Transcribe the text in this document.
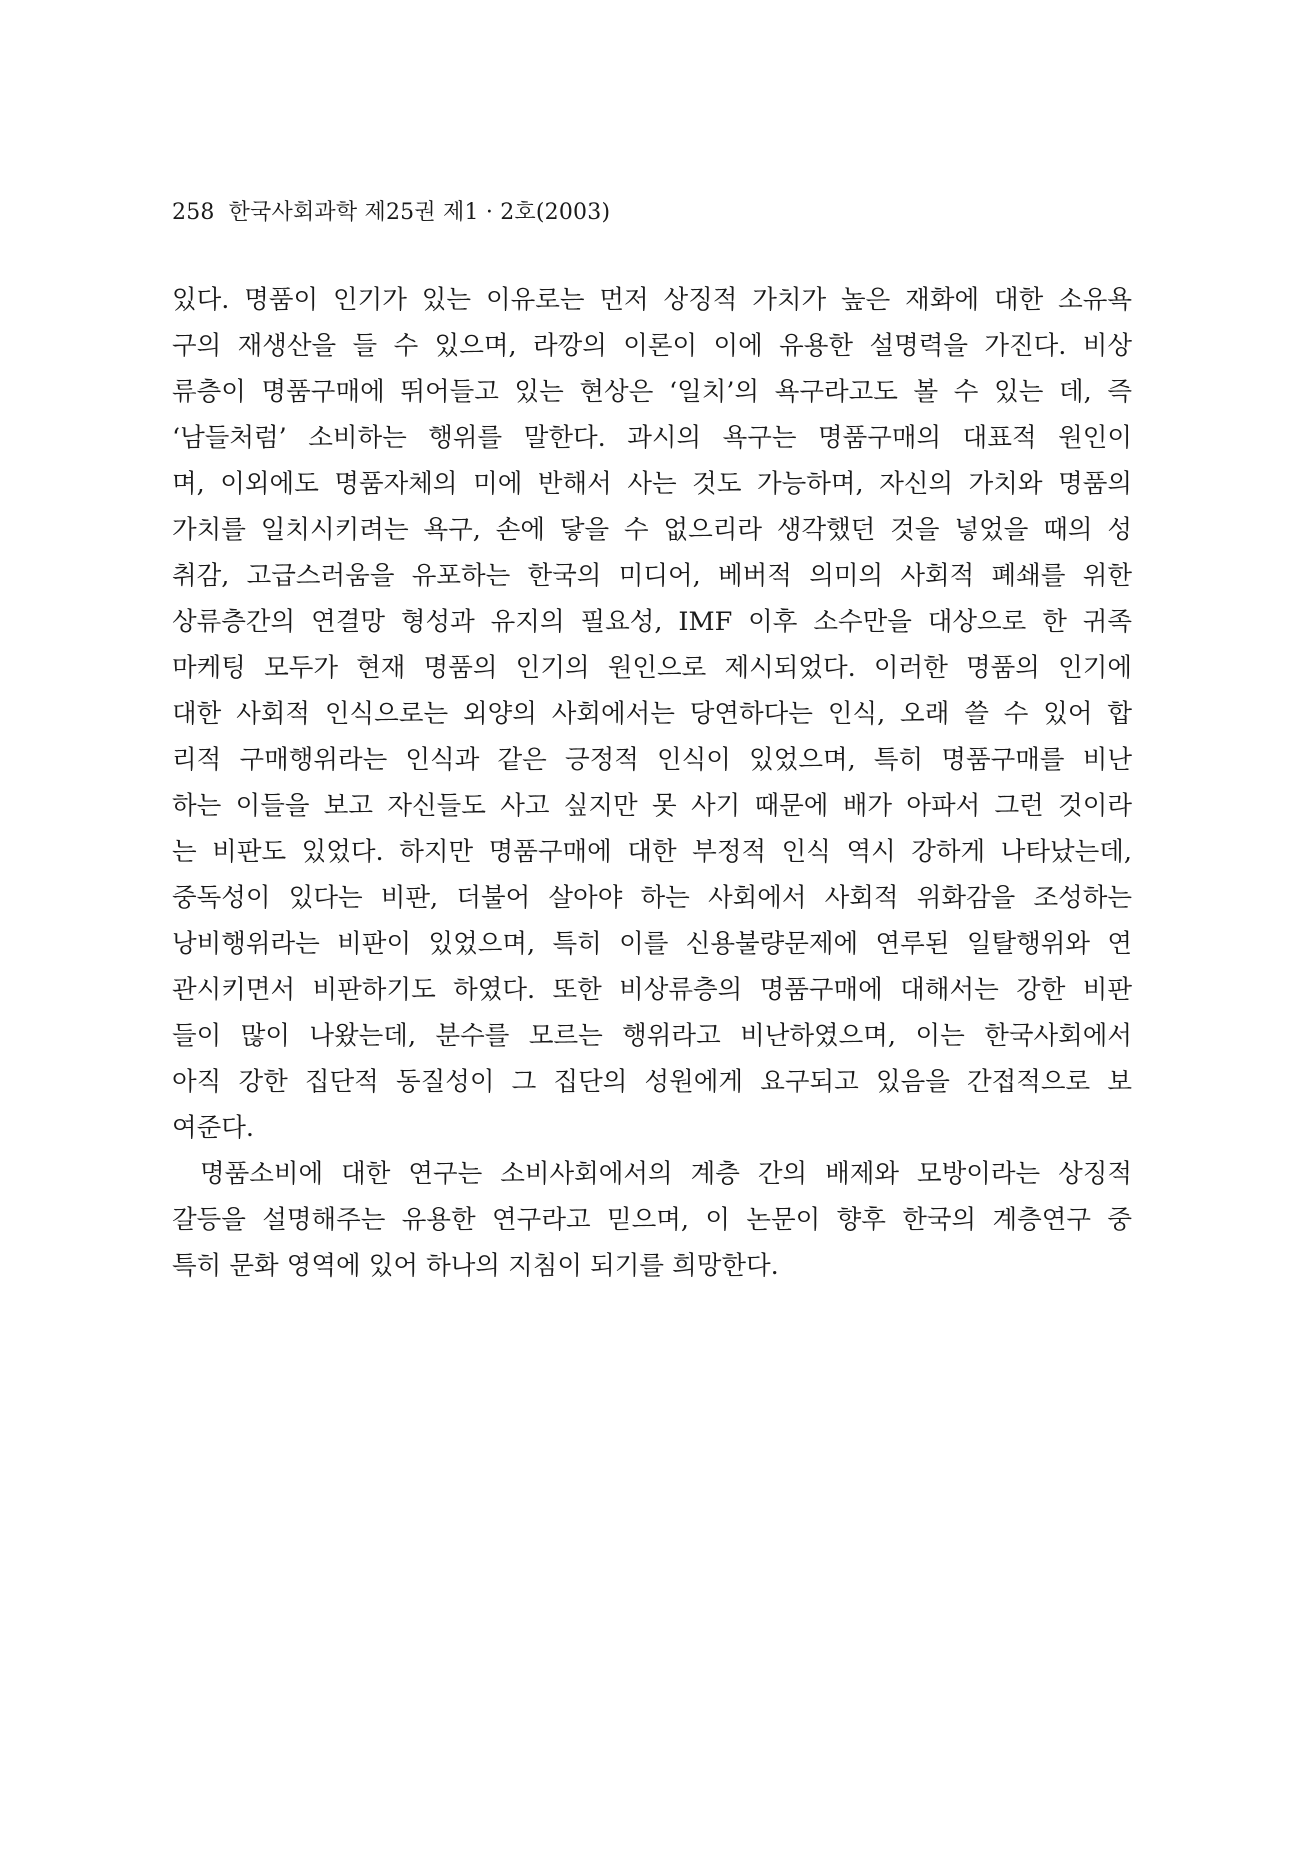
258 한국사회과학 제25권 제1 · 2호(2003)
있다. 명품이 인기가 있는 이유로는 먼저 상징적 가치가 높은 재화에 대한 소유욕
구의 재생산을 들 수 있으며, 라깡의 이론이 이에 유용한 설명력을 가진다. 비상
류층이 명품구매에 뛰어들고 있는 현상은 ‘일치’의 욕구라고도 볼 수 있는 데, 즉
‘남들처럼’ 소비하는 행위를 말한다. 과시의 욕구는 명품구매의 대표적 원인이
며, 이외에도 명품자체의 미에 반해서 사는 것도 가능하며, 자신의 가치와 명품의
가치를 일치시키려는 욕구, 손에 닿을 수 없으리라 생각했던 것을 넣었을 때의 성
취감, 고급스러움을 유포하는 한국의 미디어, 베버적 의미의 사회적 폐쇄를 위한
상류층간의 연결망 형성과 유지의 필요성, IMF 이후 소수만을 대상으로 한 귀족
마케팅 모두가 현재 명품의 인기의 원인으로 제시되었다. 이러한 명품의 인기에
대한 사회적 인식으로는 외양의 사회에서는 당연하다는 인식, 오래 쓸 수 있어 합
리적 구매행위라는 인식과 같은 긍정적 인식이 있었으며, 특히 명품구매를 비난
하는 이들을 보고 자신들도 사고 싶지만 못 사기 때문에 배가 아파서 그런 것이라
는 비판도 있었다. 하지만 명품구매에 대한 부정적 인식 역시 강하게 나타났는데,
중독성이 있다는 비판, 더불어 살아야 하는 사회에서 사회적 위화감을 조성하는
낭비행위라는 비판이 있었으며, 특히 이를 신용불량문제에 연루된 일탈행위와 연
관시키면서 비판하기도 하였다. 또한 비상류층의 명품구매에 대해서는 강한 비판
들이 많이 나왔는데, 분수를 모르는 행위라고 비난하였으며, 이는 한국사회에서
아직 강한 집단적 동질성이 그 집단의 성원에게 요구되고 있음을 간접적으로 보
여준다.
명품소비에 대한 연구는 소비사회에서의 계층 간의 배제와 모방이라는 상징적
갈등을 설명해주는 유용한 연구라고 믿으며, 이 논문이 향후 한국의 계층연구 중
특히 문화 영역에 있어 하나의 지침이 되기를 희망한다.
